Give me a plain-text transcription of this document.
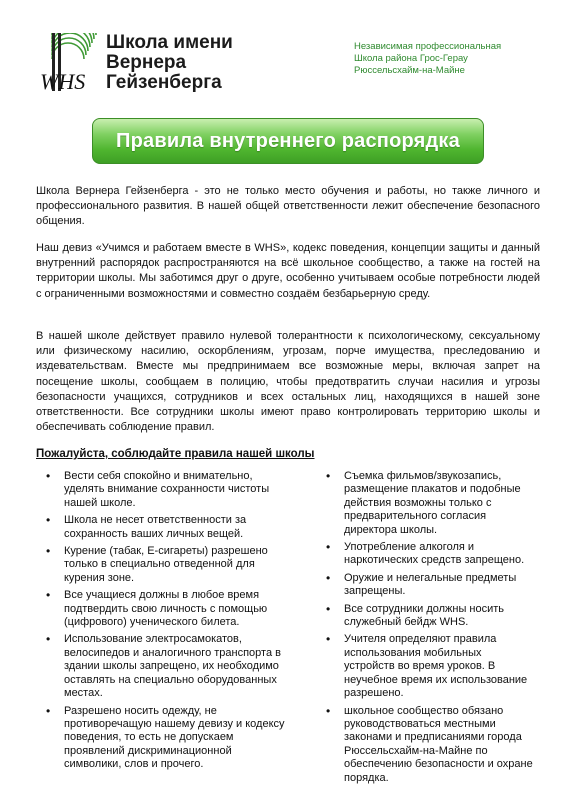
WHS
Школа имени
Вернера
Гейзенберга
Независимая профессиональная
Школа района Грос-Герау
Рюссельсхайм-на-Майне
Правила внутреннего распорядка

Школа Вернера Гейзенберга - это не только место обучения и работы, но также личного и профессионального развития. В нашей общей ответственности лежит обеспечение безопасного общения.

Наш девиз «Учимся и работаем вместе в WHS», кодекс поведения, концепции защиты и данный внутренний распорядок распространяются на всё школьное сообщество, а также на гостей на территории школы. Мы заботимся друг о друге, особенно учитываем особые потребности людей с ограниченными возможностями и совместно создаём безбарьерную среду.

В нашей школе действует правило нулевой толерантности к психологическому, сексуальному или физическому насилию, оскорблениям, угрозам, порче имущества, преследованию и издевательствам. Вместе мы предпринимаем все возможные меры, включая запрет на посещение школы, сообщаем в полицию, чтобы предотвратить случаи насилия и угрозы безопасности учащихся, сотрудников и всех остальных лиц, находящихся в нашей зоне ответственности. Все сотрудники школы имеют право контролировать территорию школы и обеспечивать соблюдение правил.

Пожалуйста, соблюдайте правила нашей школы
• Вести себя спокойно и внимательно, уделять внимание сохранности чистоты нашей школе.
• Школа не несет ответственности за сохранность ваших личных вещей.
• Курение (табак, Е-сигареты) разрешено только в специально отведенной для курения зоне.
• Все учащиеся должны в любое время подтвердить свою личность с помощью (цифрового) ученического билета.
• Использование электросамокатов, велосипедов и аналогичного транспорта в здании школы запрещено, их необходимо оставлять на специально оборудованных местах.
• Разрешено носить одежду, не противоречащую нашему девизу и кодексу поведения, то есть не допускаем проявлений дискриминационной символики, слов и прочего.
• Съемка фильмов/звукозапись, размещение плакатов и подобные действия возможны только с предварительного согласия директора школы.
• Употребление алкоголя и наркотических средств запрещено.
• Оружие и нелегальные предметы запрещены.
• Все сотрудники должны носить служебный бейдж WHS.
• Учителя определяют правила использования мобильных устройств во время уроков. В неучебное время их использование разрешено.
• школьное сообщество обязано руководствоваться местными законами и предписаниями города Рюссельсхайм-на-Майне по обеспечению безопасности и охране порядка.
